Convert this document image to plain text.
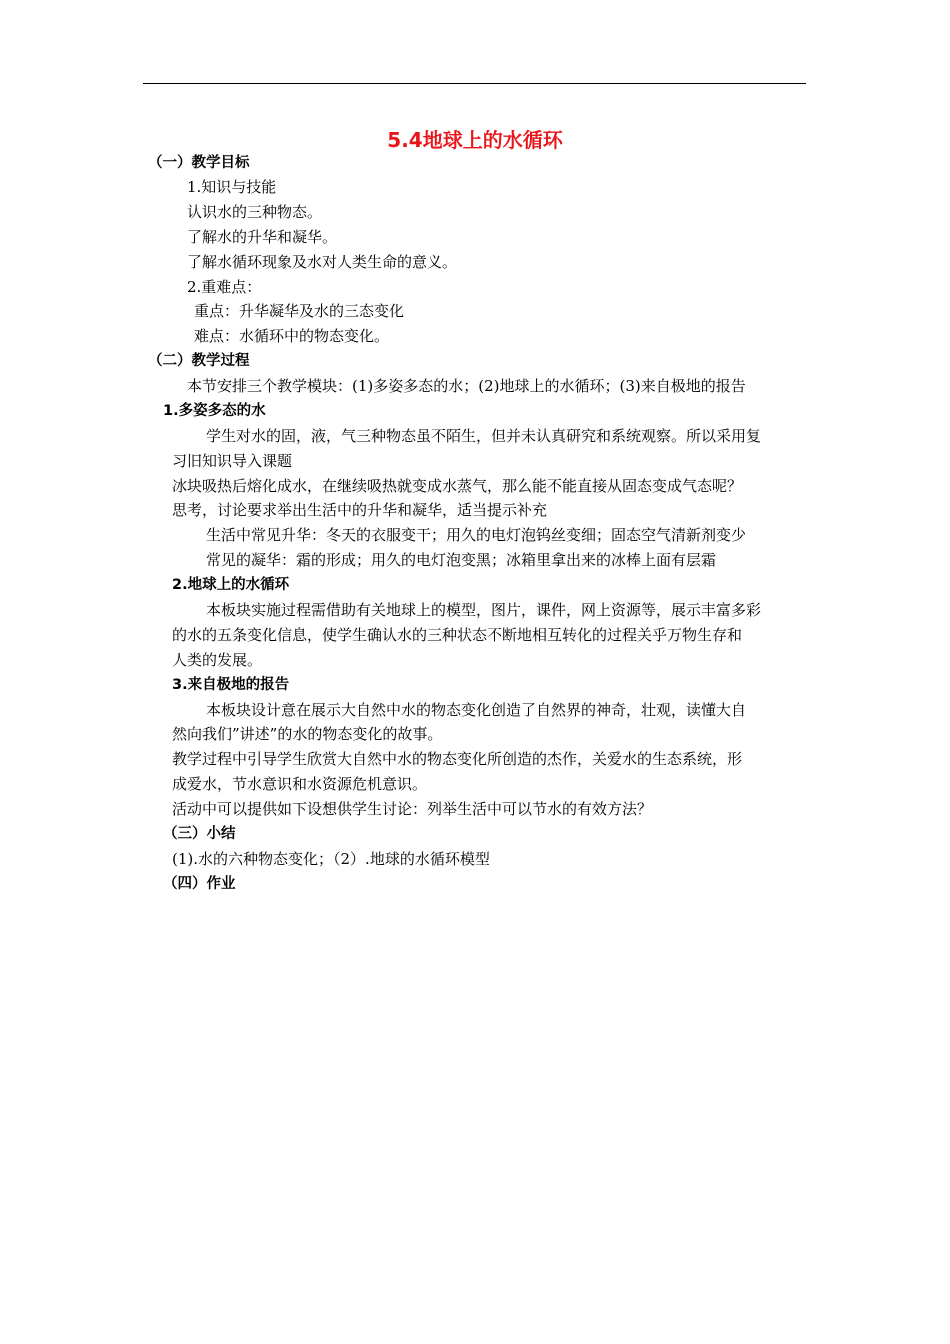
5.4地球上的水循环
（一）教学目标
1.知识与技能
认识水的三种物态。
了解水的升华和凝华。
了解水循环现象及水对人类生命的意义。
2.重难点：
重点：升华凝华及水的三态变化
难点：水循环中的物态变化。
（二）教学过程
本节安排三个教学模块：(1)多姿多态的水；(2)地球上的水循环；(3)来自极地的报告
1.多姿多态的水
学生对水的固，液，气三种物态虽不陌生，但并未认真研究和系统观察。所以采用复
习旧知识导入课题
冰块吸热后熔化成水，在继续吸热就变成水蒸气，那么能不能直接从固态变成气态呢？
思考，讨论要求举出生活中的升华和凝华，适当提示补充
生活中常见升华：冬天的衣服变干；用久的电灯泡钨丝变细；固态空气清新剂变少
常见的凝华：霜的形成；用久的电灯泡变黑；冰箱里拿出来的冰棒上面有层霜
2.地球上的水循环
本板块实施过程需借助有关地球上的模型，图片，课件，网上资源等，展示丰富多彩
的水的五条变化信息，使学生确认水的三种状态不断地相互转化的过程关乎万物生存和
人类的发展。
3.来自极地的报告
本板块设计意在展示大自然中水的物态变化创造了自然界的神奇，壮观，读懂大自
然向我们”讲述”的水的物态变化的故事。
教学过程中引导学生欣赏大自然中水的物态变化所创造的杰作，关爱水的生态系统，形
成爱水，节水意识和水资源危机意识。
活动中可以提供如下设想供学生讨论：列举生活中可以节水的有效方法？
（三）小结
(1).水的六种物态变化；（2）.地球的水循环模型
（四）作业
